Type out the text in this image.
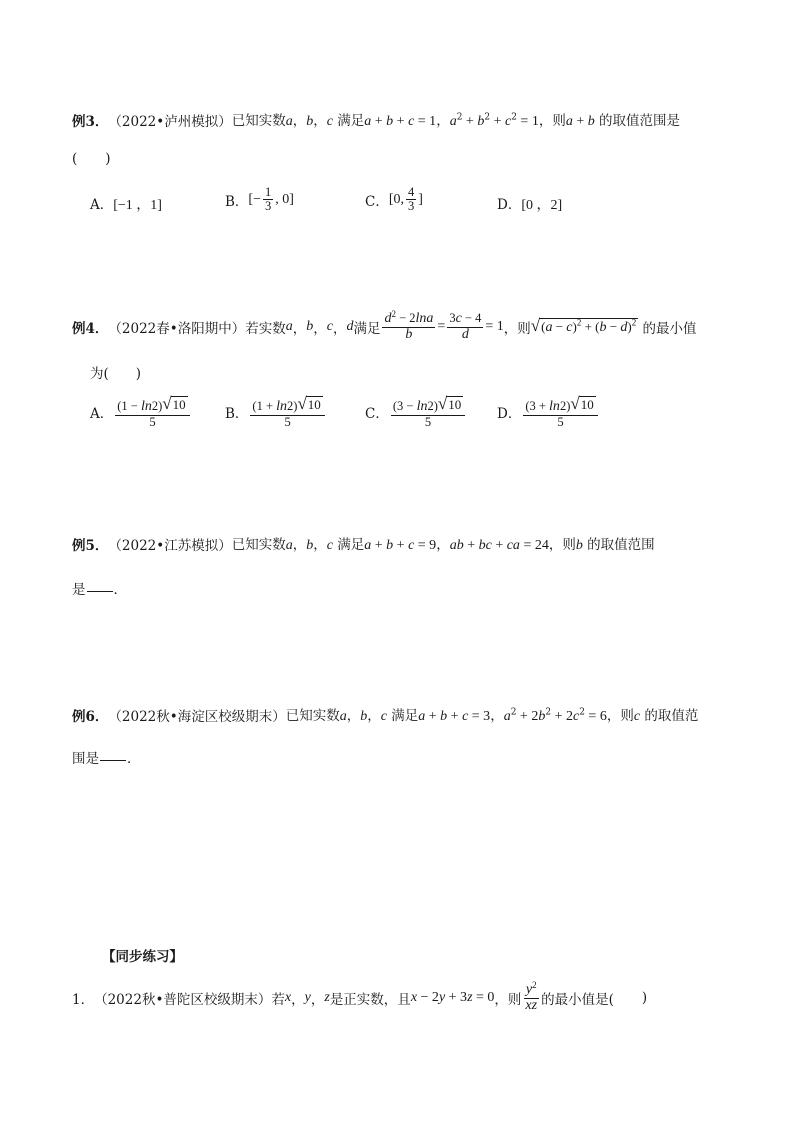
例3． （2022•泸州模拟） 已知实数a，b，c 满足a + b + c = 1，$a^2 + b^2 + c^2 = 1$，则a + b 的取值范围是
( )
A．[−1 ，1]	B． [− $\frac{1}{3}$ , 0]	C． [0, $\frac{4}{3}$ ]	D．[0 ，2]
例4． （2022春•洛阳期中） 若实数 a ， b ， c ， d 满足 $\frac{d^2 - 2\ln a}{b} = \frac{3c - 4}{d} = 1$ ，则 √ $(a - c)^2 + (b - d)^2$ 的最小值
为(　　)
A． $\frac{(1 - \ln 2) √ 10}{5}$	B． $\frac{(1 + \ln 2) √ 10}{5}$	C． $\frac{(3 - \ln 2) √ 10}{5}$ D． $\frac{(3 + \ln 2) √ 10}{5}$
例5． （2022•江苏模拟） 已知实数a，b，c 满足a + b + c = 9，ab + bc + ca = 24，则b 的取值范围
是 ．
例6． （2022秋•海淀区校级期末） 已知实数a，b，c 满足a + b + c = 3，$a^2 + 2b^2 + 2c^2 = 6$，则c 的取值范
围是 ．
【同步练习】
1． （2022秋•普陀区校级期末） 若 x ， y ， z 是正实数，且 x − 2 y + 3 z = 0 ，则 $\frac{y^2}{xz}$ 的最小值是( )
